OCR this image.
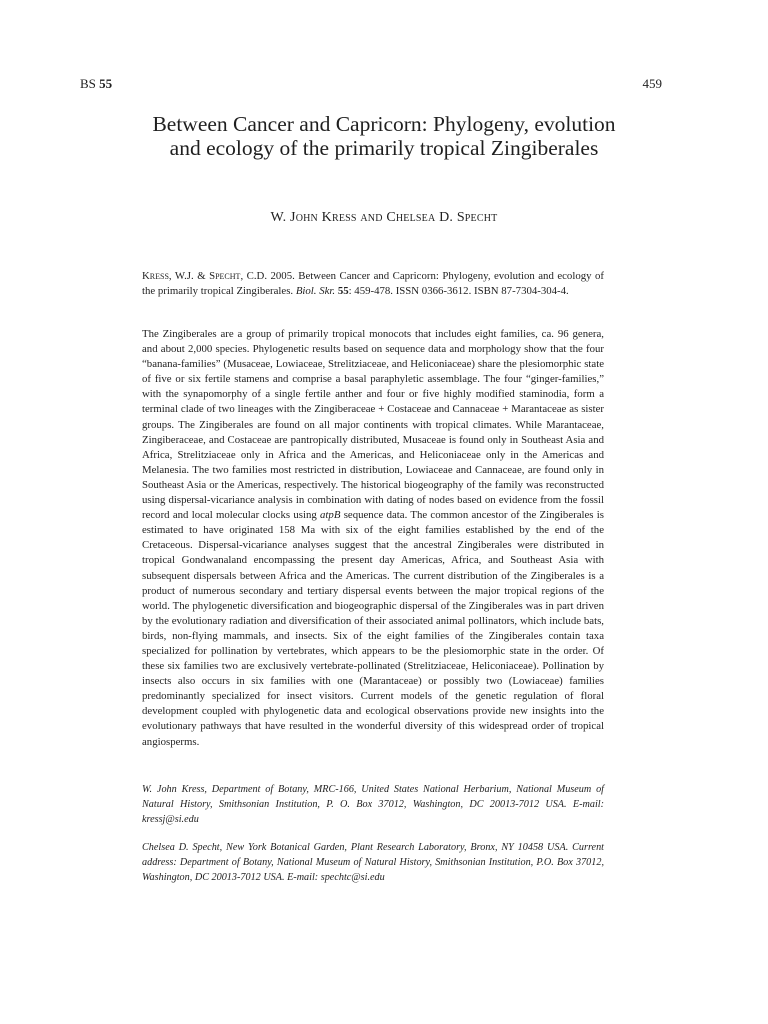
BS 55	459
Between Cancer and Capricorn: Phylogeny, evolution and ecology of the primarily tropical Zingiberales
W. John Kress and Chelsea D. Specht
Kress, W.J. & Specht, C.D. 2005. Between Cancer and Capricorn: Phylogeny, evolution and ecology of the primarily tropical Zingiberales. Biol. Skr. 55: 459-478. ISSN 0366-3612. ISBN 87-7304-304-4.
The Zingiberales are a group of primarily tropical monocots that includes eight families, ca. 96 genera, and about 2,000 species. Phylogenetic results based on sequence data and morphology show that the four “banana-families” (Musaceae, Lowiaceae, Strelitziaceae, and Heliconiaceae) share the plesiomorphic state of five or six fertile stamens and comprise a basal paraphyletic assemblage. The four “ginger-families,” with the synapomorphy of a single fertile anther and four or five highly modified staminodia, form a terminal clade of two lineages with the Zingiberaceae + Costaceae and Cannaceae + Marantaceae as sister groups. The Zingiberales are found on all major continents with tropical climates. While Marantaceae, Zingiberaceae, and Costaceae are pantropically distributed, Musaceae is found only in Southeast Asia and Africa, Strelitziaceae only in Africa and the Americas, and Heliconiaceae only in the Americas and Melanesia. The two families most restricted in distribution, Lowiaceae and Cannaceae, are found only in Southeast Asia or the Americas, respectively. The historical biogeography of the family was reconstructed using dispersal-vicariance analysis in combination with dating of nodes based on evidence from the fossil record and local molecular clocks using atpB sequence data. The common ancestor of the Zingiberales is estimated to have originated 158 Ma with six of the eight families established by the end of the Cretaceous. Dispersal-vicariance analyses suggest that the ancestral Zingiberales were distributed in tropical Gondwanaland encompassing the present day Americas, Africa, and Southeast Asia with subsequent dispersals between Africa and the Americas. The current distribution of the Zingiberales is a product of numerous secondary and tertiary dispersal events between the major tropical regions of the world. The phylogenetic diversification and biogeographic dispersal of the Zingiberales was in part driven by the evolutionary radiation and diversification of their associated animal pollinators, which include bats, birds, non-flying mammals, and insects. Six of the eight families of the Zingiberales contain taxa specialized for pollination by vertebrates, which appears to be the plesiomorphic state in the order. Of these six families two are exclusively vertebrate-pollinated (Strelitziaceae, Heliconiaceae). Pollination by insects also occurs in six families with one (Marantaceae) or possibly two (Lowiaceae) families predominantly specialized for insect visitors. Current models of the genetic regulation of floral development coupled with phylogenetic data and ecological observations provide new insights into the evolutionary pathways that have resulted in the wonderful diversity of this widespread order of tropical angiosperms.
W. John Kress, Department of Botany, MRC-166, United States National Herbarium, National Museum of Natural History, Smithsonian Institution, P. O. Box 37012, Washington, DC 20013-7012 USA. E-mail: kressj@si.edu
Chelsea D. Specht, New York Botanical Garden, Plant Research Laboratory, Bronx, NY 10458 USA. Current address: Department of Botany, National Museum of Natural History, Smithsonian Institution, P.O. Box 37012, Washington, DC 20013-7012 USA. E-mail: spechtc@si.edu
